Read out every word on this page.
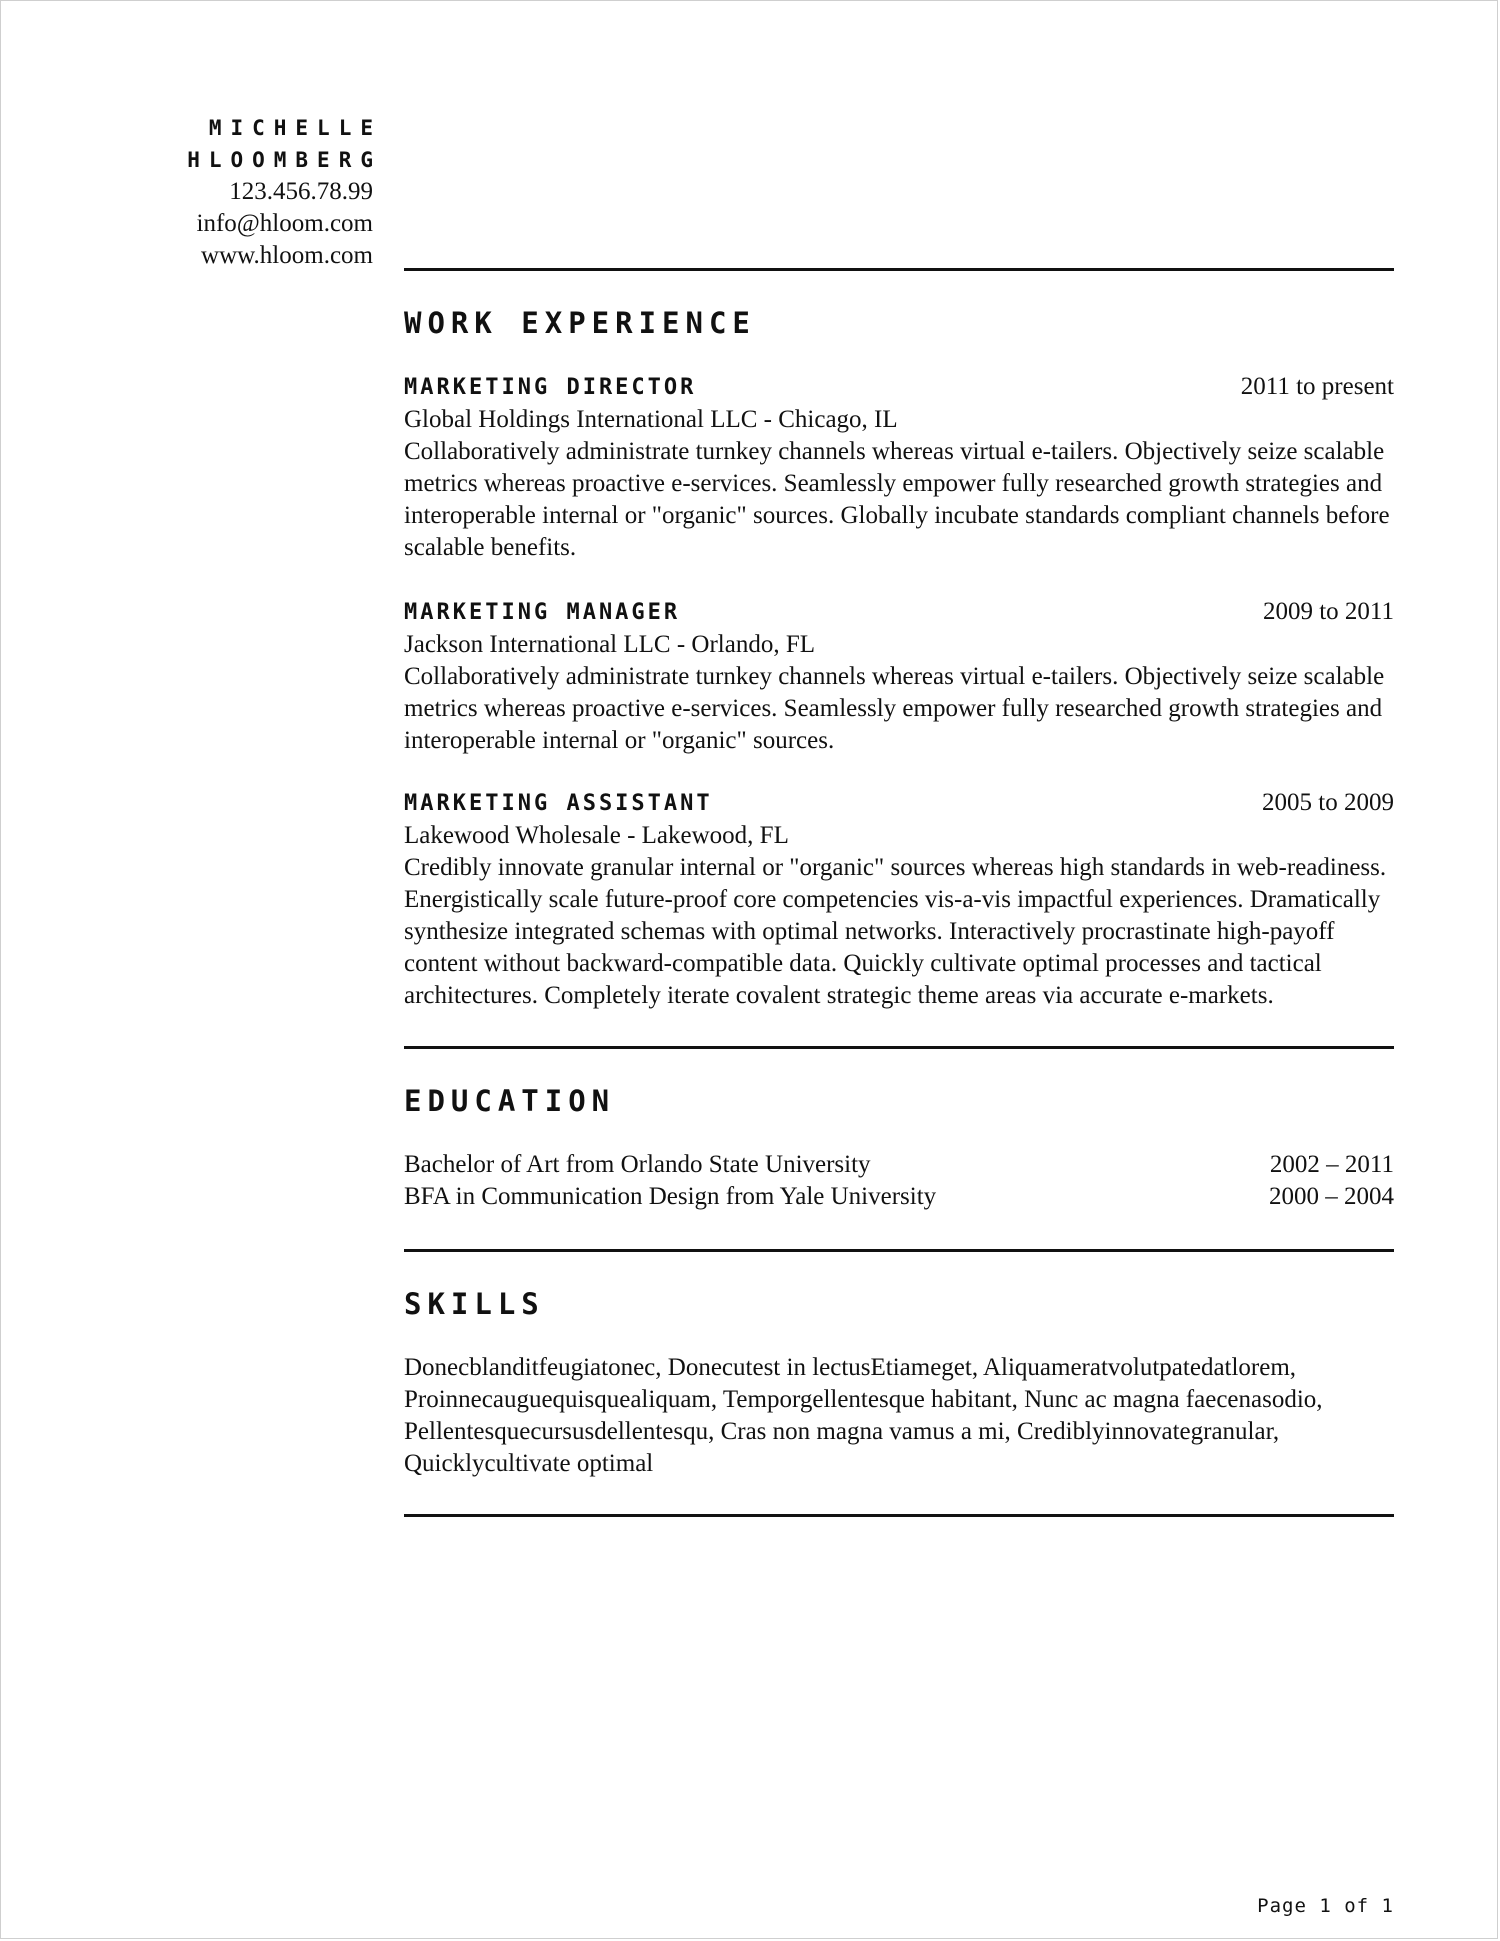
MICHELLE
HLOOMBERG
123.456.78.99
info@hloom.com
www.hloom.com
WORK EXPERIENCE
MARKETING DIRECTOR	2011 to present
Global Holdings International LLC - Chicago, IL

Collaboratively administrate turnkey channels whereas virtual e-tailers. Objectively seize scalable metrics whereas proactive e-services. Seamlessly empower fully researched growth strategies and interoperable internal or "organic" sources. Globally incubate standards compliant channels before scalable benefits.

MARKETING MANAGER	2009 to 2011
Jackson International LLC - Orlando, FL

Collaboratively administrate turnkey channels whereas virtual e-tailers. Objectively seize scalable metrics whereas proactive e-services. Seamlessly empower fully researched growth strategies and interoperable internal or "organic" sources.

MARKETING ASSISTANT	2005 to 2009
Lakewood Wholesale - Lakewood, FL

Credibly innovate granular internal or "organic" sources whereas high standards in web-readiness. Energistically scale future-proof core competencies vis-a-vis impactful experiences. Dramatically synthesize integrated schemas with optimal networks. Interactively procrastinate high-payoff content without backward-compatible data. Quickly cultivate optimal processes and tactical architectures. Completely iterate covalent strategic theme areas via accurate e-markets.

EDUCATION
Bachelor of Art from Orlando State University	2002 – 2011
BFA in Communication Design from Yale University	2000 – 2004
SKILLS

Donecblanditfeugiatonec, Donecutest in lectusEtiameget, Aliquameratvolutpatedatlorem, Proinnecauguequisquealiquam, Temporgellentesque habitant, Nunc ac magna faecenasodio, Pellentesquecursusdellentesqu, Cras non magna vamus a mi, Crediblyinnovategranular, Quicklycultivate optimal

Page 1 of 1
